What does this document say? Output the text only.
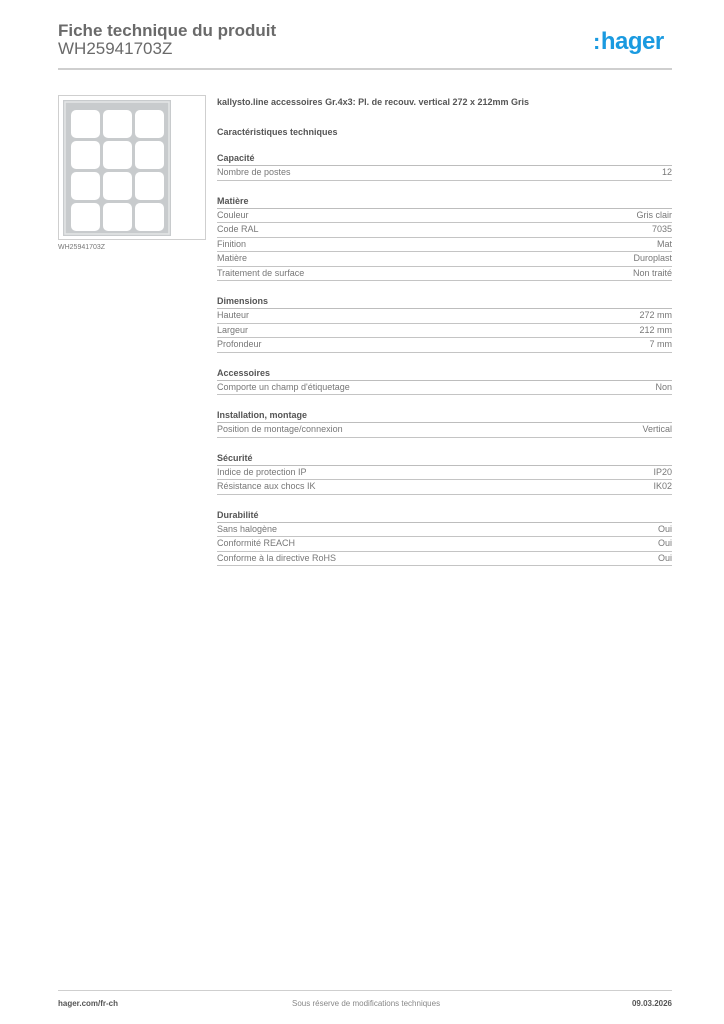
Fiche technique du produit
WH25941703Z	:hager
WH25941703Z
kallysto.line accessoires Gr.4x3: Pl. de recouv. vertical 272 x 212mm Gris
Caractéristiques techniques
Capacité
Nombre de postes	12
Matière
Couleur	Gris clair
Code RAL	7035
Finition	Mat
Matière	Duroplast
Traitement de surface	Non traité
Dimensions
Hauteur	272 mm
Largeur	212 mm
Profondeur	7 mm
Accessoires
Comporte un champ d'étiquetage	Non
Installation, montage
Position de montage/connexion	Vertical
Sécurité
Indice de protection IP	IP20
Résistance aux chocs IK	IK02
Durabilité
Sans halogène	Oui
Conformité REACH	Oui
Conforme à la directive RoHS	Oui
hager.com/fr-ch	Sous réserve de modifications techniques	09.03.2026
